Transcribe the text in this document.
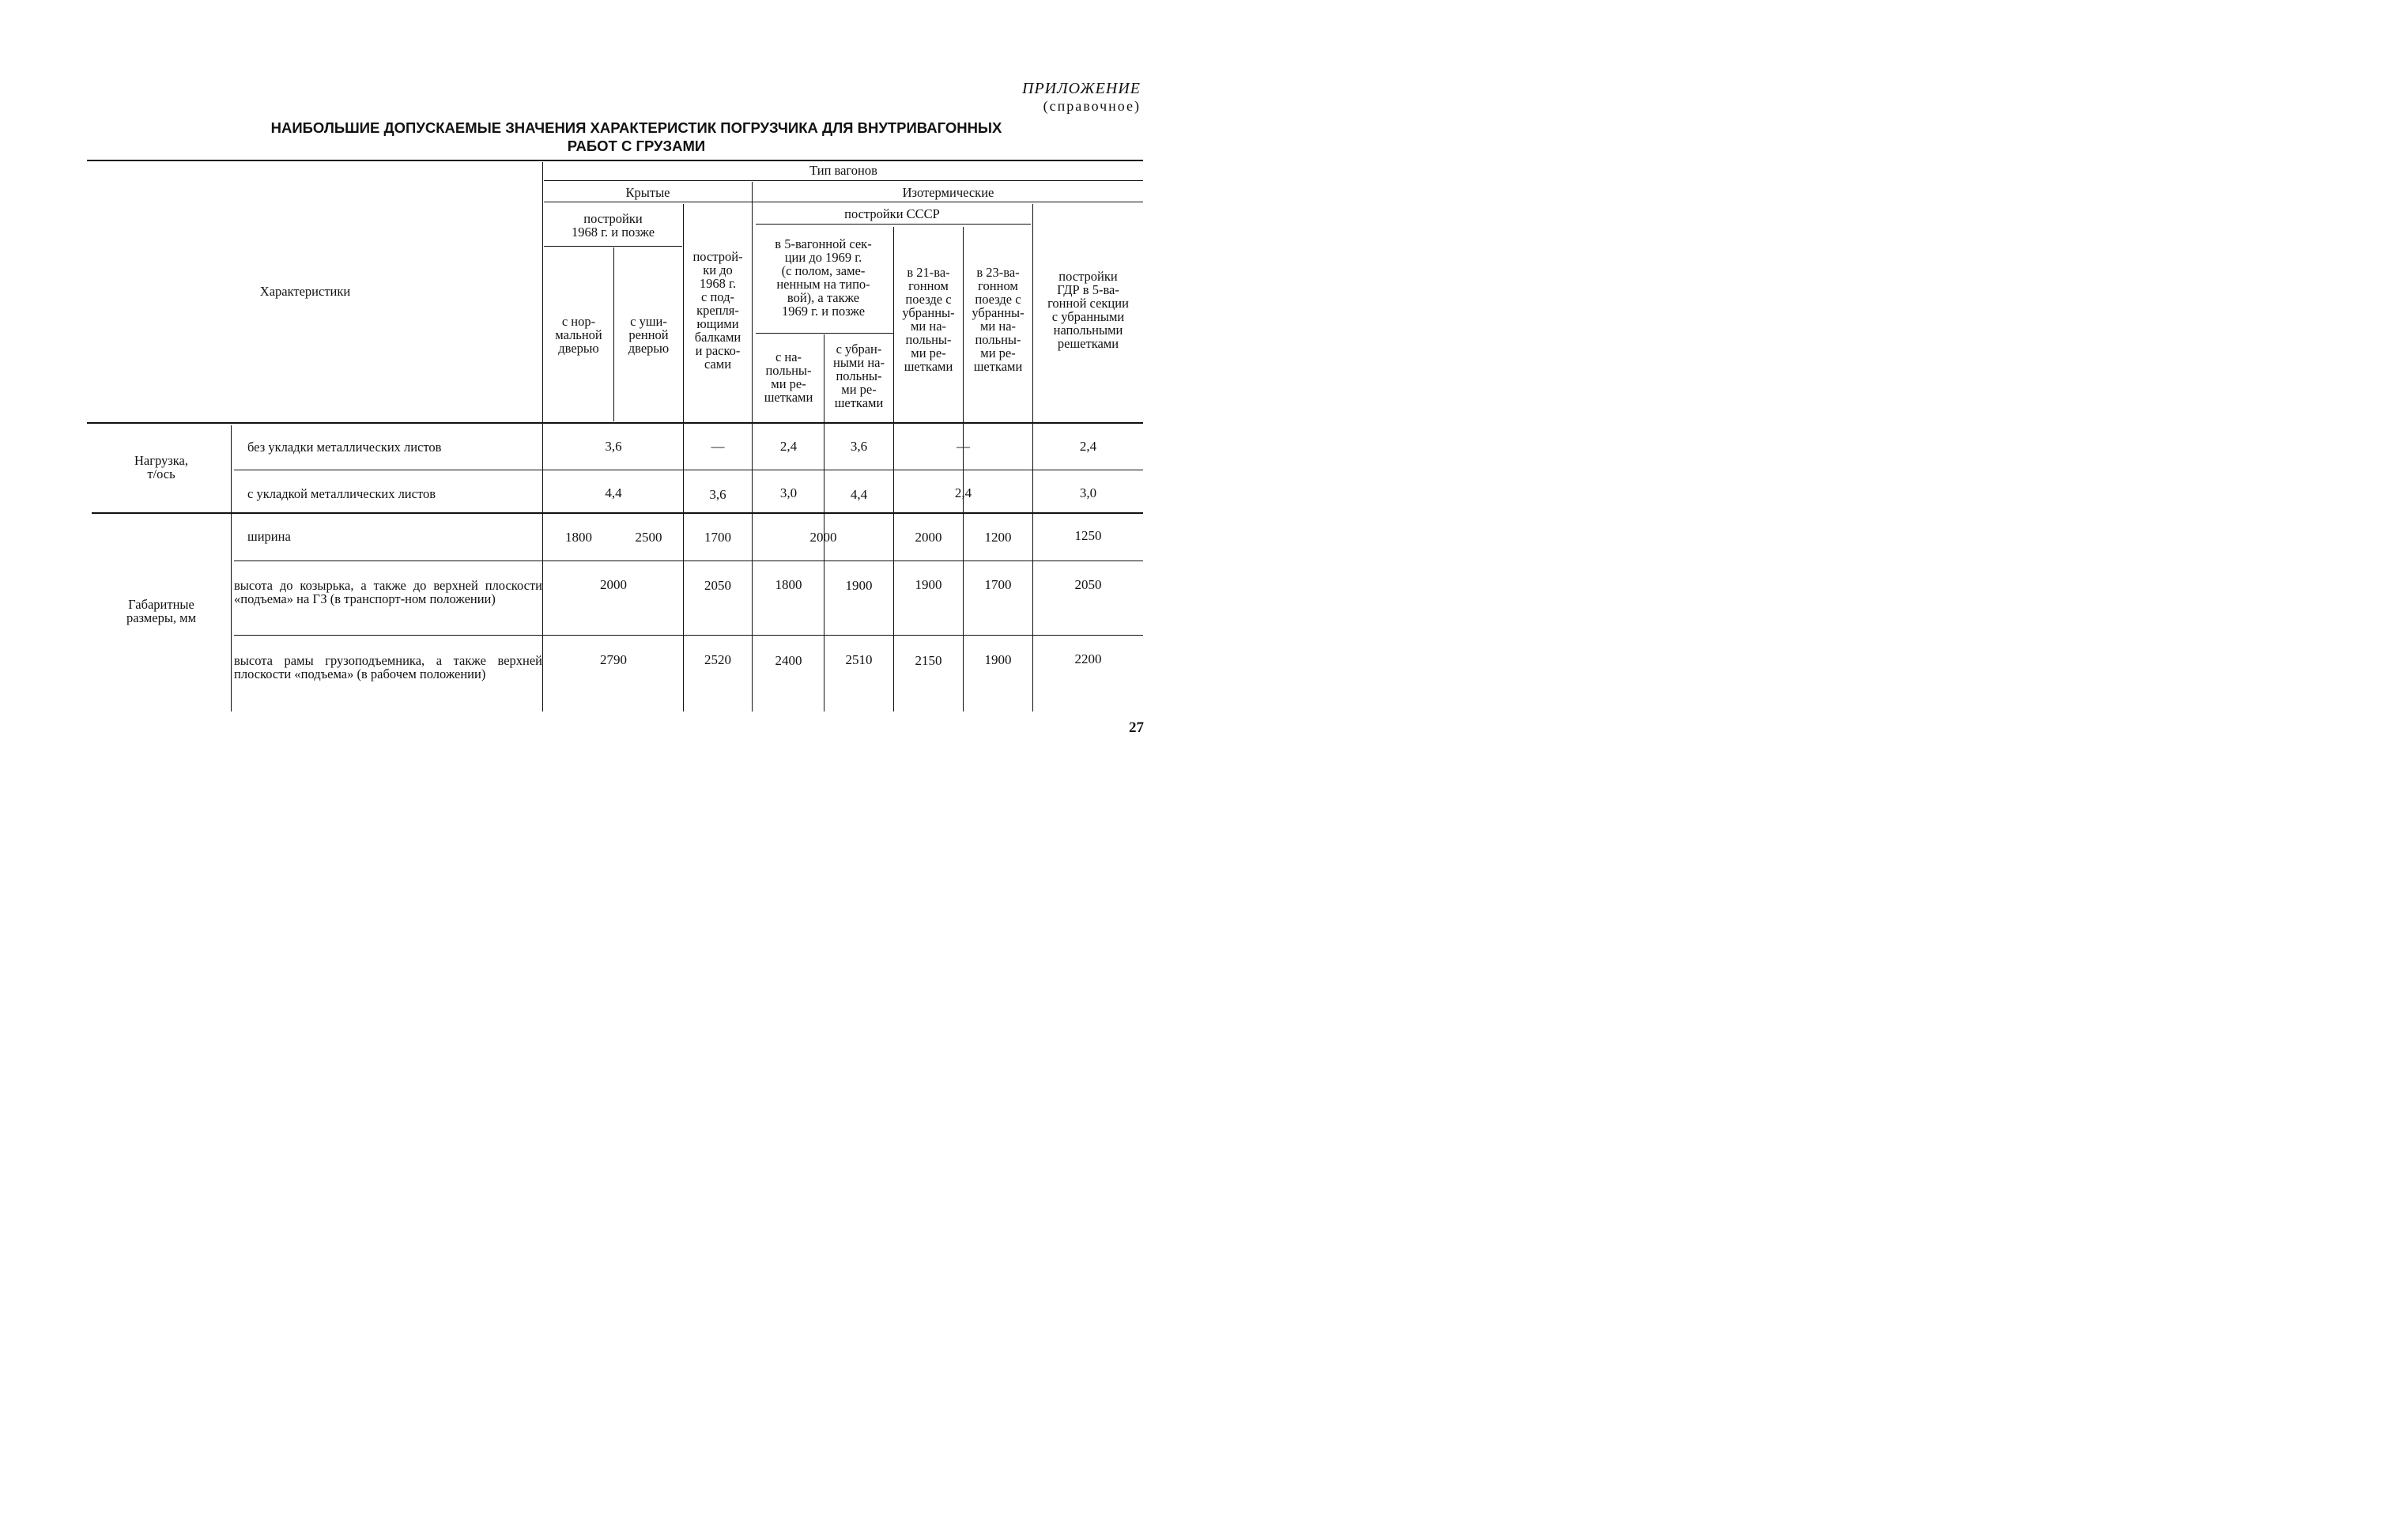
ПРИЛОЖЕНИЕ
(справочное)
НАИБОЛЬШИЕ ДОПУСКАЕМЫЕ ЗНАЧЕНИЯ ХАРАКТЕРИСТИК ПОГРУЗЧИКА ДЛЯ ВНУТРИВАГОННЫХ
РАБОТ С ГРУЗАМИ
Характеристики
Тип вагонов
Крытые	Изотермические
постройки
1968 г. и позже
с нор-
мальной
дверью
с уши-
ренной
дверью
построй-
ки до
1968 г.
с под-
крепля-
ющими
балками
и раско-
сами
постройки СССР
в 5-вагонной сек-
ции до 1969 г.
(с полом, заме-
ненным на типо-
вой), а также
1969 г. и позже
с на-
польны-
ми ре-
шетками
с убран-
ными на-
польны-
ми ре-
шетками
в 21-ва-
гонном
поезде с
убранны-
ми на-
польны-
ми ре-
шетками
в 23-ва-
гонном
поезде с
убранны-
ми на-
польны-
ми ре-
шетками
постройки
ГДР в 5-ва-
гонной секции
с убранными
напольными
решетками
Нагрузка,
т/ось
без укладки металлических листов	3,6	—	2,4	3,6	—	2,4
с укладкой металлических листов	4,4	3,6	3,0	4,4	2,4	3,0
Габаритные
размеры, мм
ширина	1800	2500	1700	2000	2000	1200	1250
высота до козырька, а также до верхней плоскости «подъема» на ГЗ (в транспорт-ном положении)
2000	2050	1800	1900	1900	1700	2050
высота рамы грузоподъемника, а также верхней плоскости «подъема» (в рабочем положении)
2790	2520	2400	2510	2150	1900	2200
27
